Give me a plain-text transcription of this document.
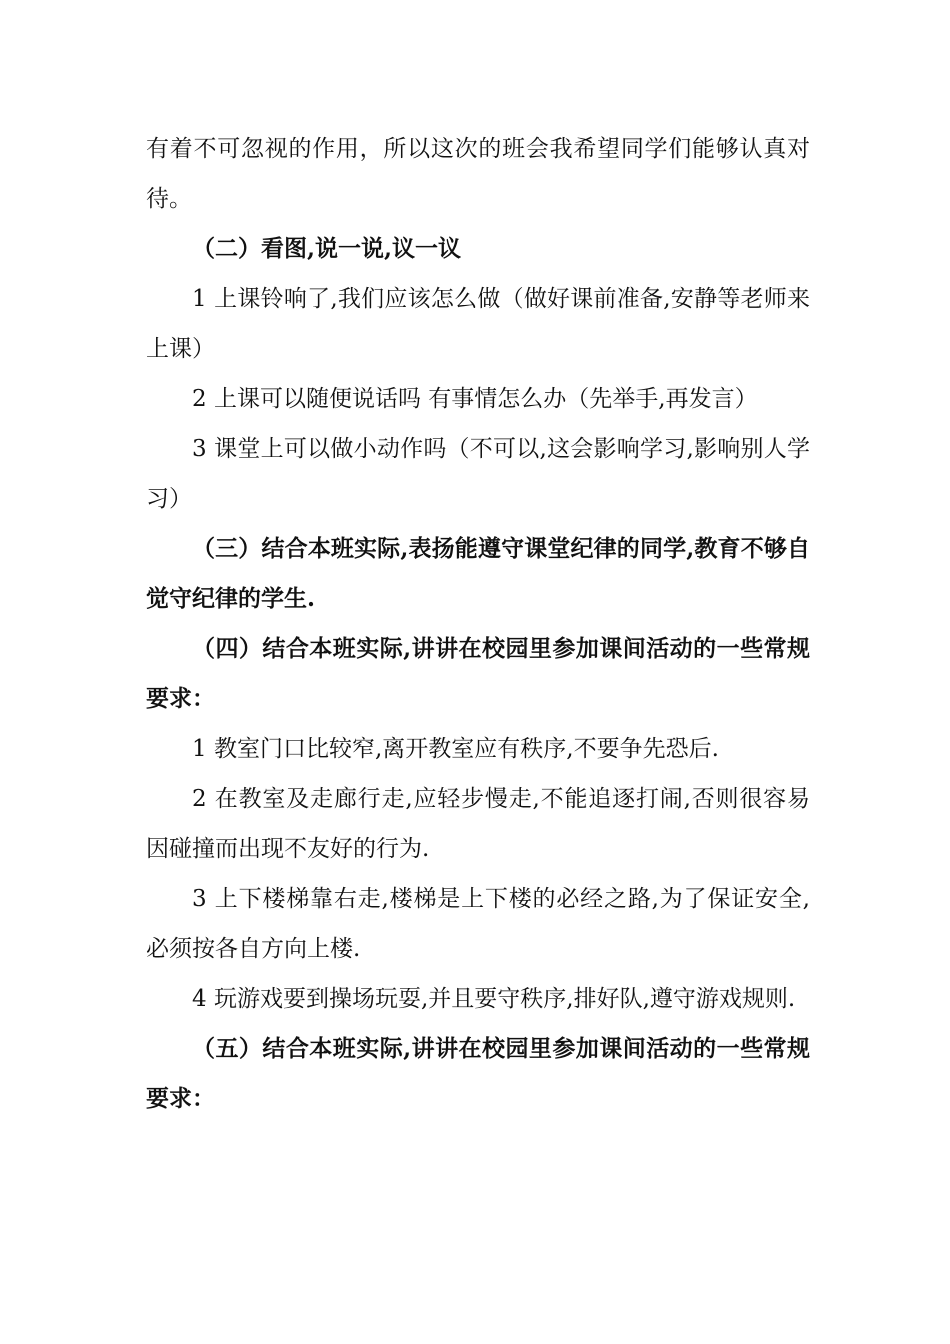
有着不可忽视的作用，所以这次的班会我希望同学们能够认真对待。

（二）看图,说一说,议一议

1 上课铃响了,我们应该怎么做（做好课前准备,安静等老师来上课）

2 上课可以随便说话吗 有事情怎么办（先举手,再发言）

3 课堂上可以做小动作吗（不可以,这会影响学习,影响别人学习）

（三）结合本班实际,表扬能遵守课堂纪律的同学,教育不够自觉守纪律的学生.

（四）结合本班实际,讲讲在校园里参加课间活动的一些常规要求：

1 教室门口比较窄,离开教室应有秩序,不要争先恐后.

2 在教室及走廊行走,应轻步慢走,不能追逐打闹,否则很容易因碰撞而出现不友好的行为.

3 上下楼梯靠右走,楼梯是上下楼的必经之路,为了保证安全,必须按各自方向上楼.

4 玩游戏要到操场玩耍,并且要守秩序,排好队,遵守游戏规则.

（五）结合本班实际,讲讲在校园里参加课间活动的一些常规要求：
